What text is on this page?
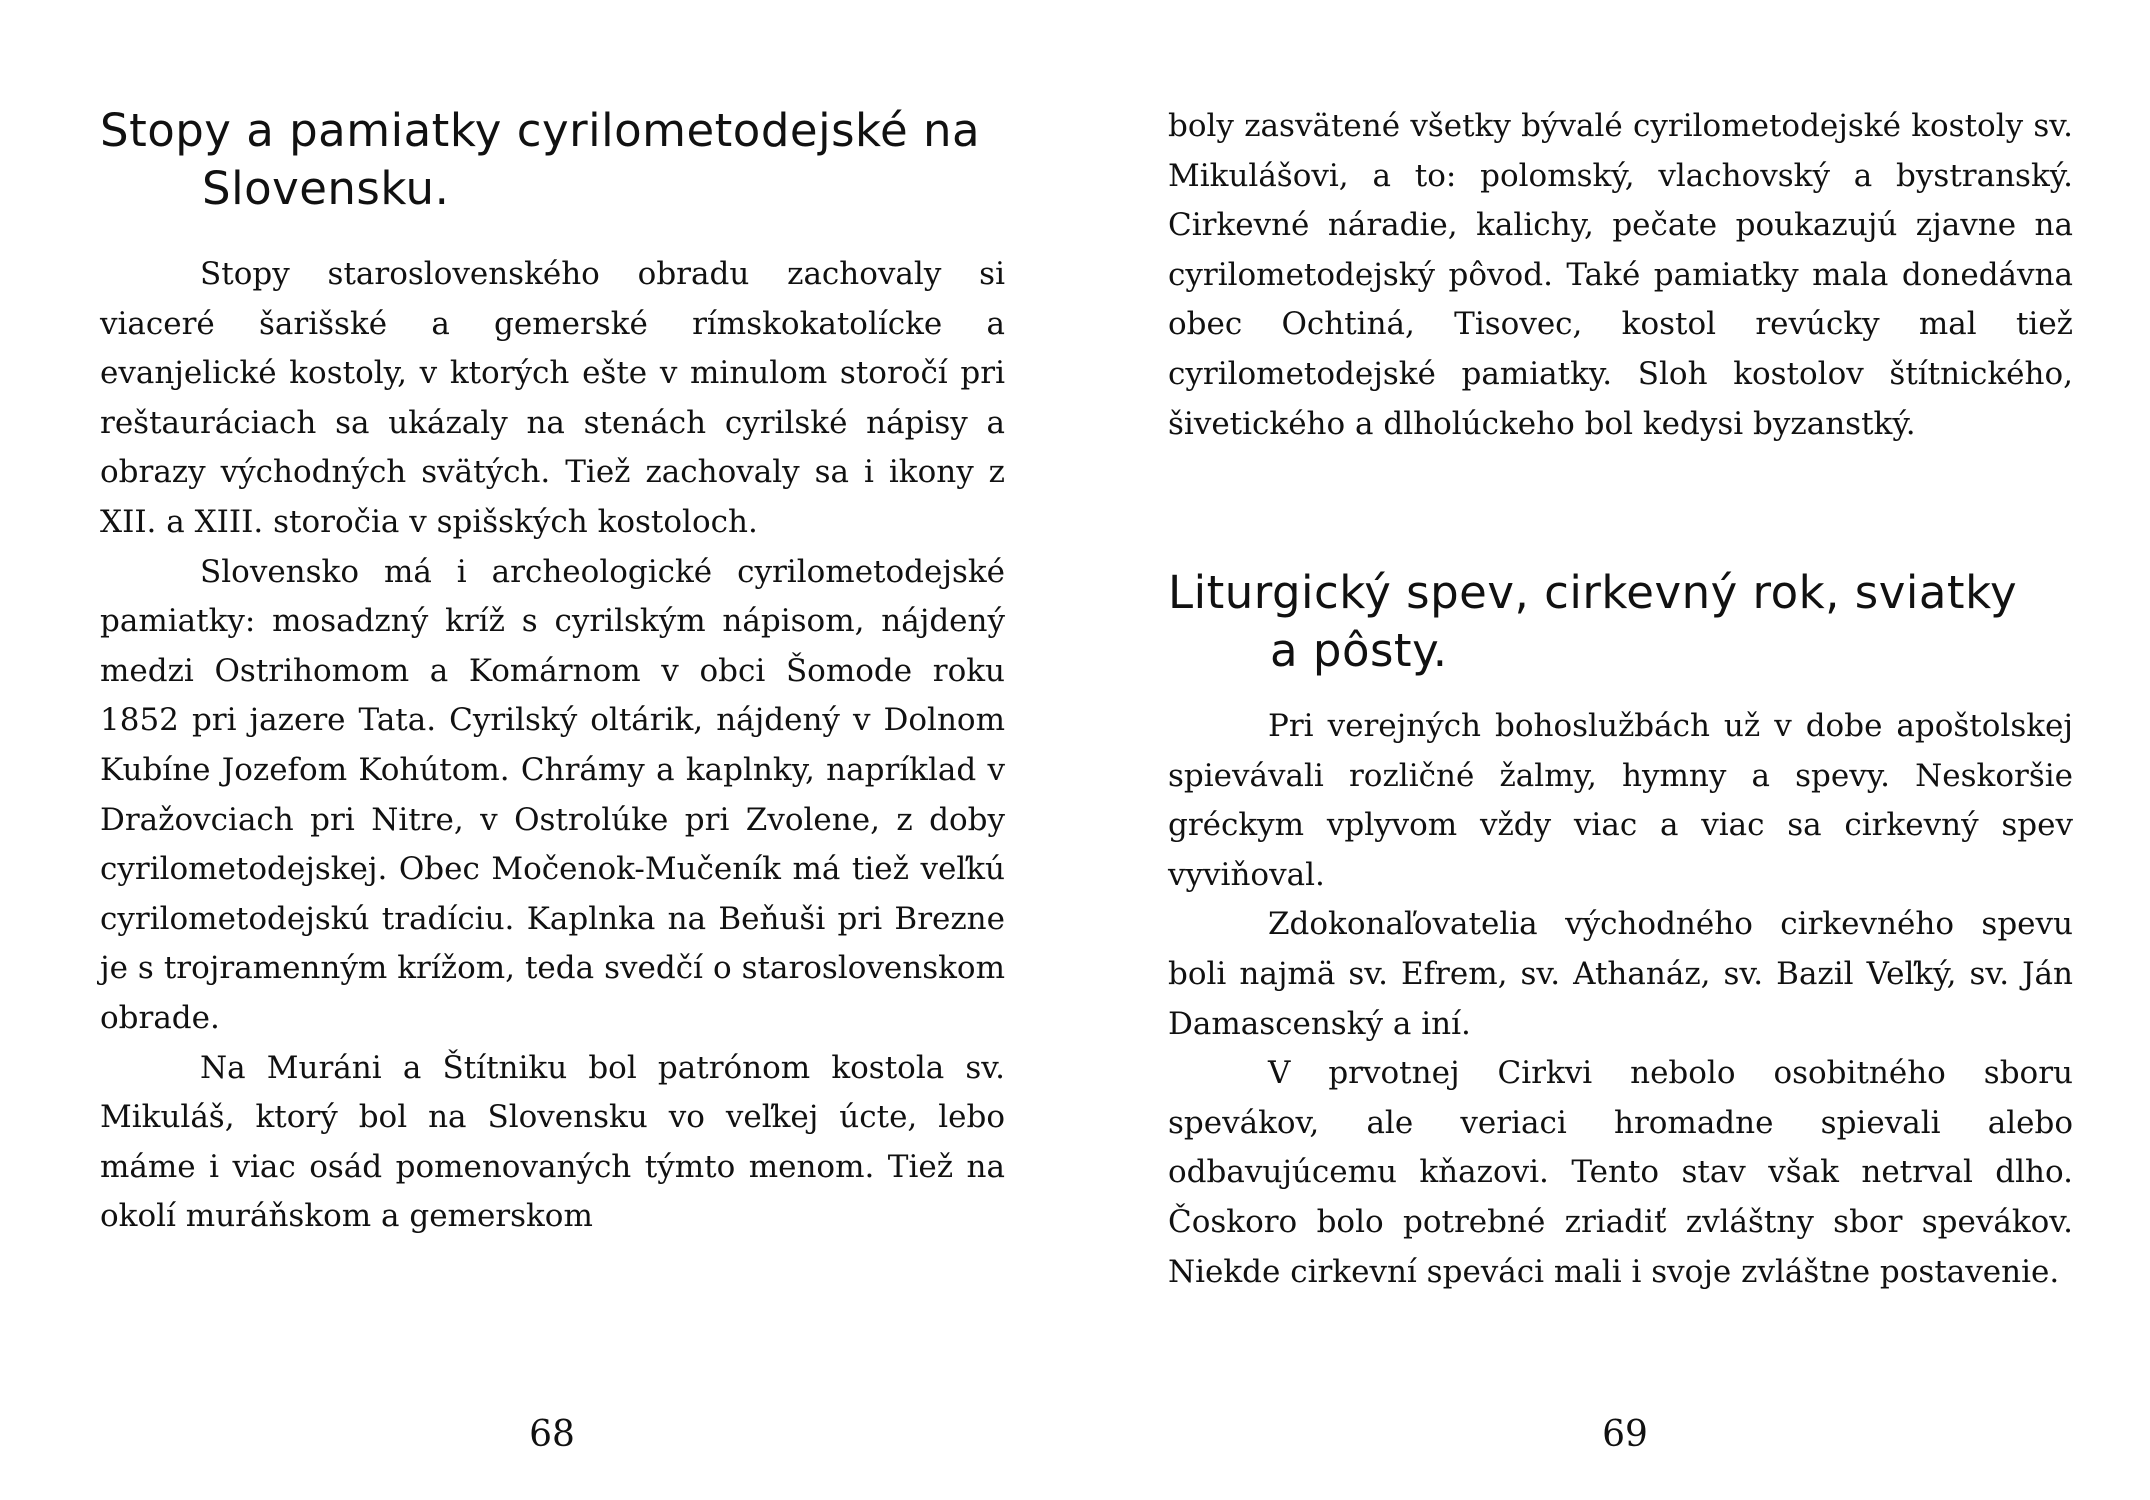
Stopy a pamiatky cyrilometodejské na
Slovensku.

Stopy staroslovenského obradu zachovaly si viaceré šarišské a gemerské rímskokatolícke a evanjelické kostoly, v ktorých ešte v minulom storočí pri reštauráciach sa ukázaly na stenách cyrilské nápisy a obrazy východných svätých. Tiež zachovaly sa i ikony z XII. a XIII. storočia v spišských kostoloch.

Slovensko má i archeologické cyrilometodejské pamiatky: mosadzný kríž s cyrilským nápisom, nájdený medzi Ostrihomom a Komárnom v obci Šomode roku 1852 pri jazere Tata. Cyrilský oltárik, nájdený v Dolnom Kubíne Jozefom Kohútom. Chrámy a kaplnky, napríklad v Dražovciach pri Nitre, v Ostrolúke pri Zvolene, z doby cyrilometodejskej. Obec Močenok-Mučeník má tiež veľkú cyrilometodejskú tradíciu. Kaplnka na Beňuši pri Brezne je s trojramenným krížom, teda svedčí o staroslovenskom obrade.

Na Muráni a Štítniku bol patrónom kostola sv. Mikuláš, ktorý bol na Slovensku vo veľkej úcte, lebo máme i viac osád pomenovaných týmto menom. Tiež na okolí muráňskom a gemerskom

68

boly zasvätené všetky bývalé cyrilometodejské kostoly sv. Mikulášovi, a to: polomský, vlachovský a bystranský. Cirkevné náradie, kalichy, pečate poukazujú zjavne na cyrilometodejský pôvod. Také pamiatky mala donedávna obec Ochtiná, Tisovec, kostol revúcky mal tiež cyrilometodejské pamiatky. Sloh kostolov štítnického, šivetického a dlholúckeho bol kedysi byzanstký.

Liturgický spev, cirkevný rok, sviatky
a pôsty.

Pri verejných bohoslužbách už v dobe apoštolskej spievávali rozličné žalmy, hymny a spevy. Neskoršie gréckym vplyvom vždy viac a viac sa cirkevný spev vyviňoval.

Zdokonaľovatelia východného cirkevného spevu boli najmä sv. Efrem, sv. Athanáz, sv. Bazil Veľký, sv. Ján Damascenský a iní.

V prvotnej Cirkvi nebolo osobitného sboru spevákov, ale veriaci hromadne spievali alebo odbavujúcemu kňazovi. Tento stav však netrval dlho. Čoskoro bolo potrebné zriadiť zvláštny sbor spevákov. Niekde cirkevní speváci mali i svoje zvláštne postavenie.

69
